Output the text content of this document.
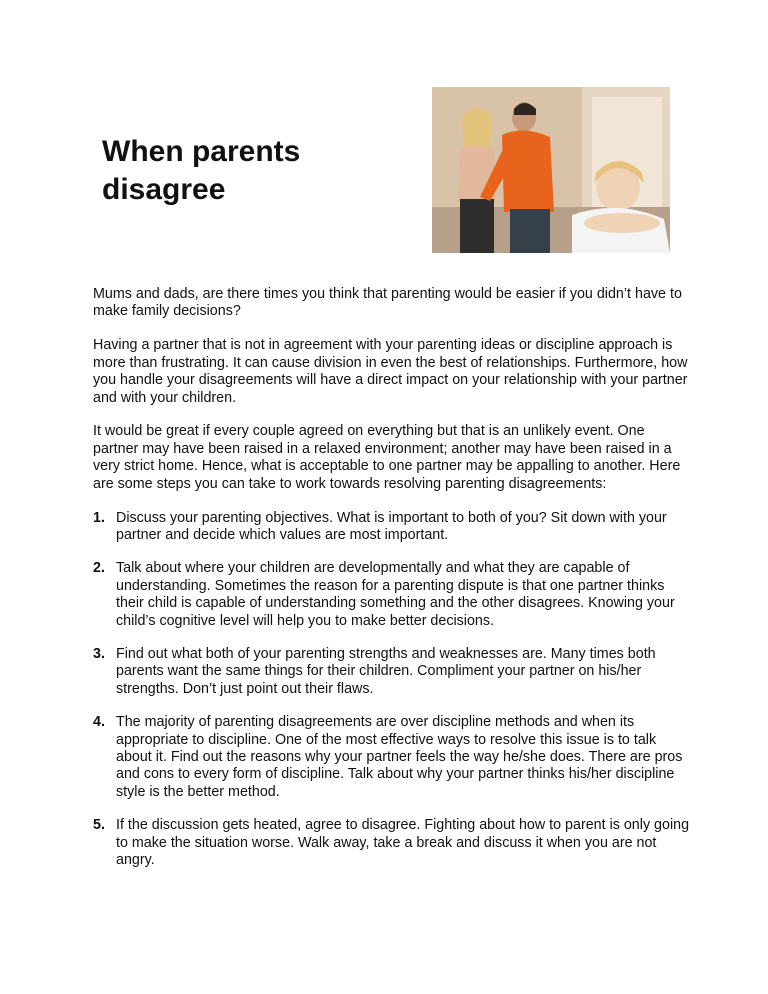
When parents
disagree

Mums and dads, are there times you think that parenting would be easier if you didn’t have to make family decisions?

Having a partner that is not in agreement with your parenting ideas or discipline approach is more than frustrating. It can cause division in even the best of relationships. Furthermore, how you handle your disagreements will have a direct impact on your relationship with your partner and with your children.

It would be great if every couple agreed on everything but that is an unlikely event. One partner may have been raised in a relaxed environment; another may have been raised in a very strict home. Hence, what is acceptable to one partner may be appalling to another. Here are some steps you can take to work towards resolving parenting disagreements:

1. Discuss your parenting objectives. What is important to both of you? Sit down with your partner and decide which values are most important.
2. Talk about where your children are developmentally and what they are capable of understanding. Sometimes the reason for a parenting dispute is that one partner thinks their child is capable of understanding something and the other disagrees. Knowing your child’s cognitive level will help you to make better decisions.
3. Find out what both of your parenting strengths and weaknesses are. Many times both parents want the same things for their children. Compliment your partner on his/her strengths. Don’t just point out their flaws.
4. The majority of parenting disagreements are over discipline methods and when its appropriate to discipline. One of the most effective ways to resolve this issue is to talk about it. Find out the reasons why your partner feels the way he/she does. There are pros and cons to every form of discipline. Talk about why your partner thinks his/her discipline style is the better method.
5. If the discussion gets heated, agree to disagree. Fighting about how to parent is only going to make the situation worse. Walk away, take a break and discuss it when you are not angry.
